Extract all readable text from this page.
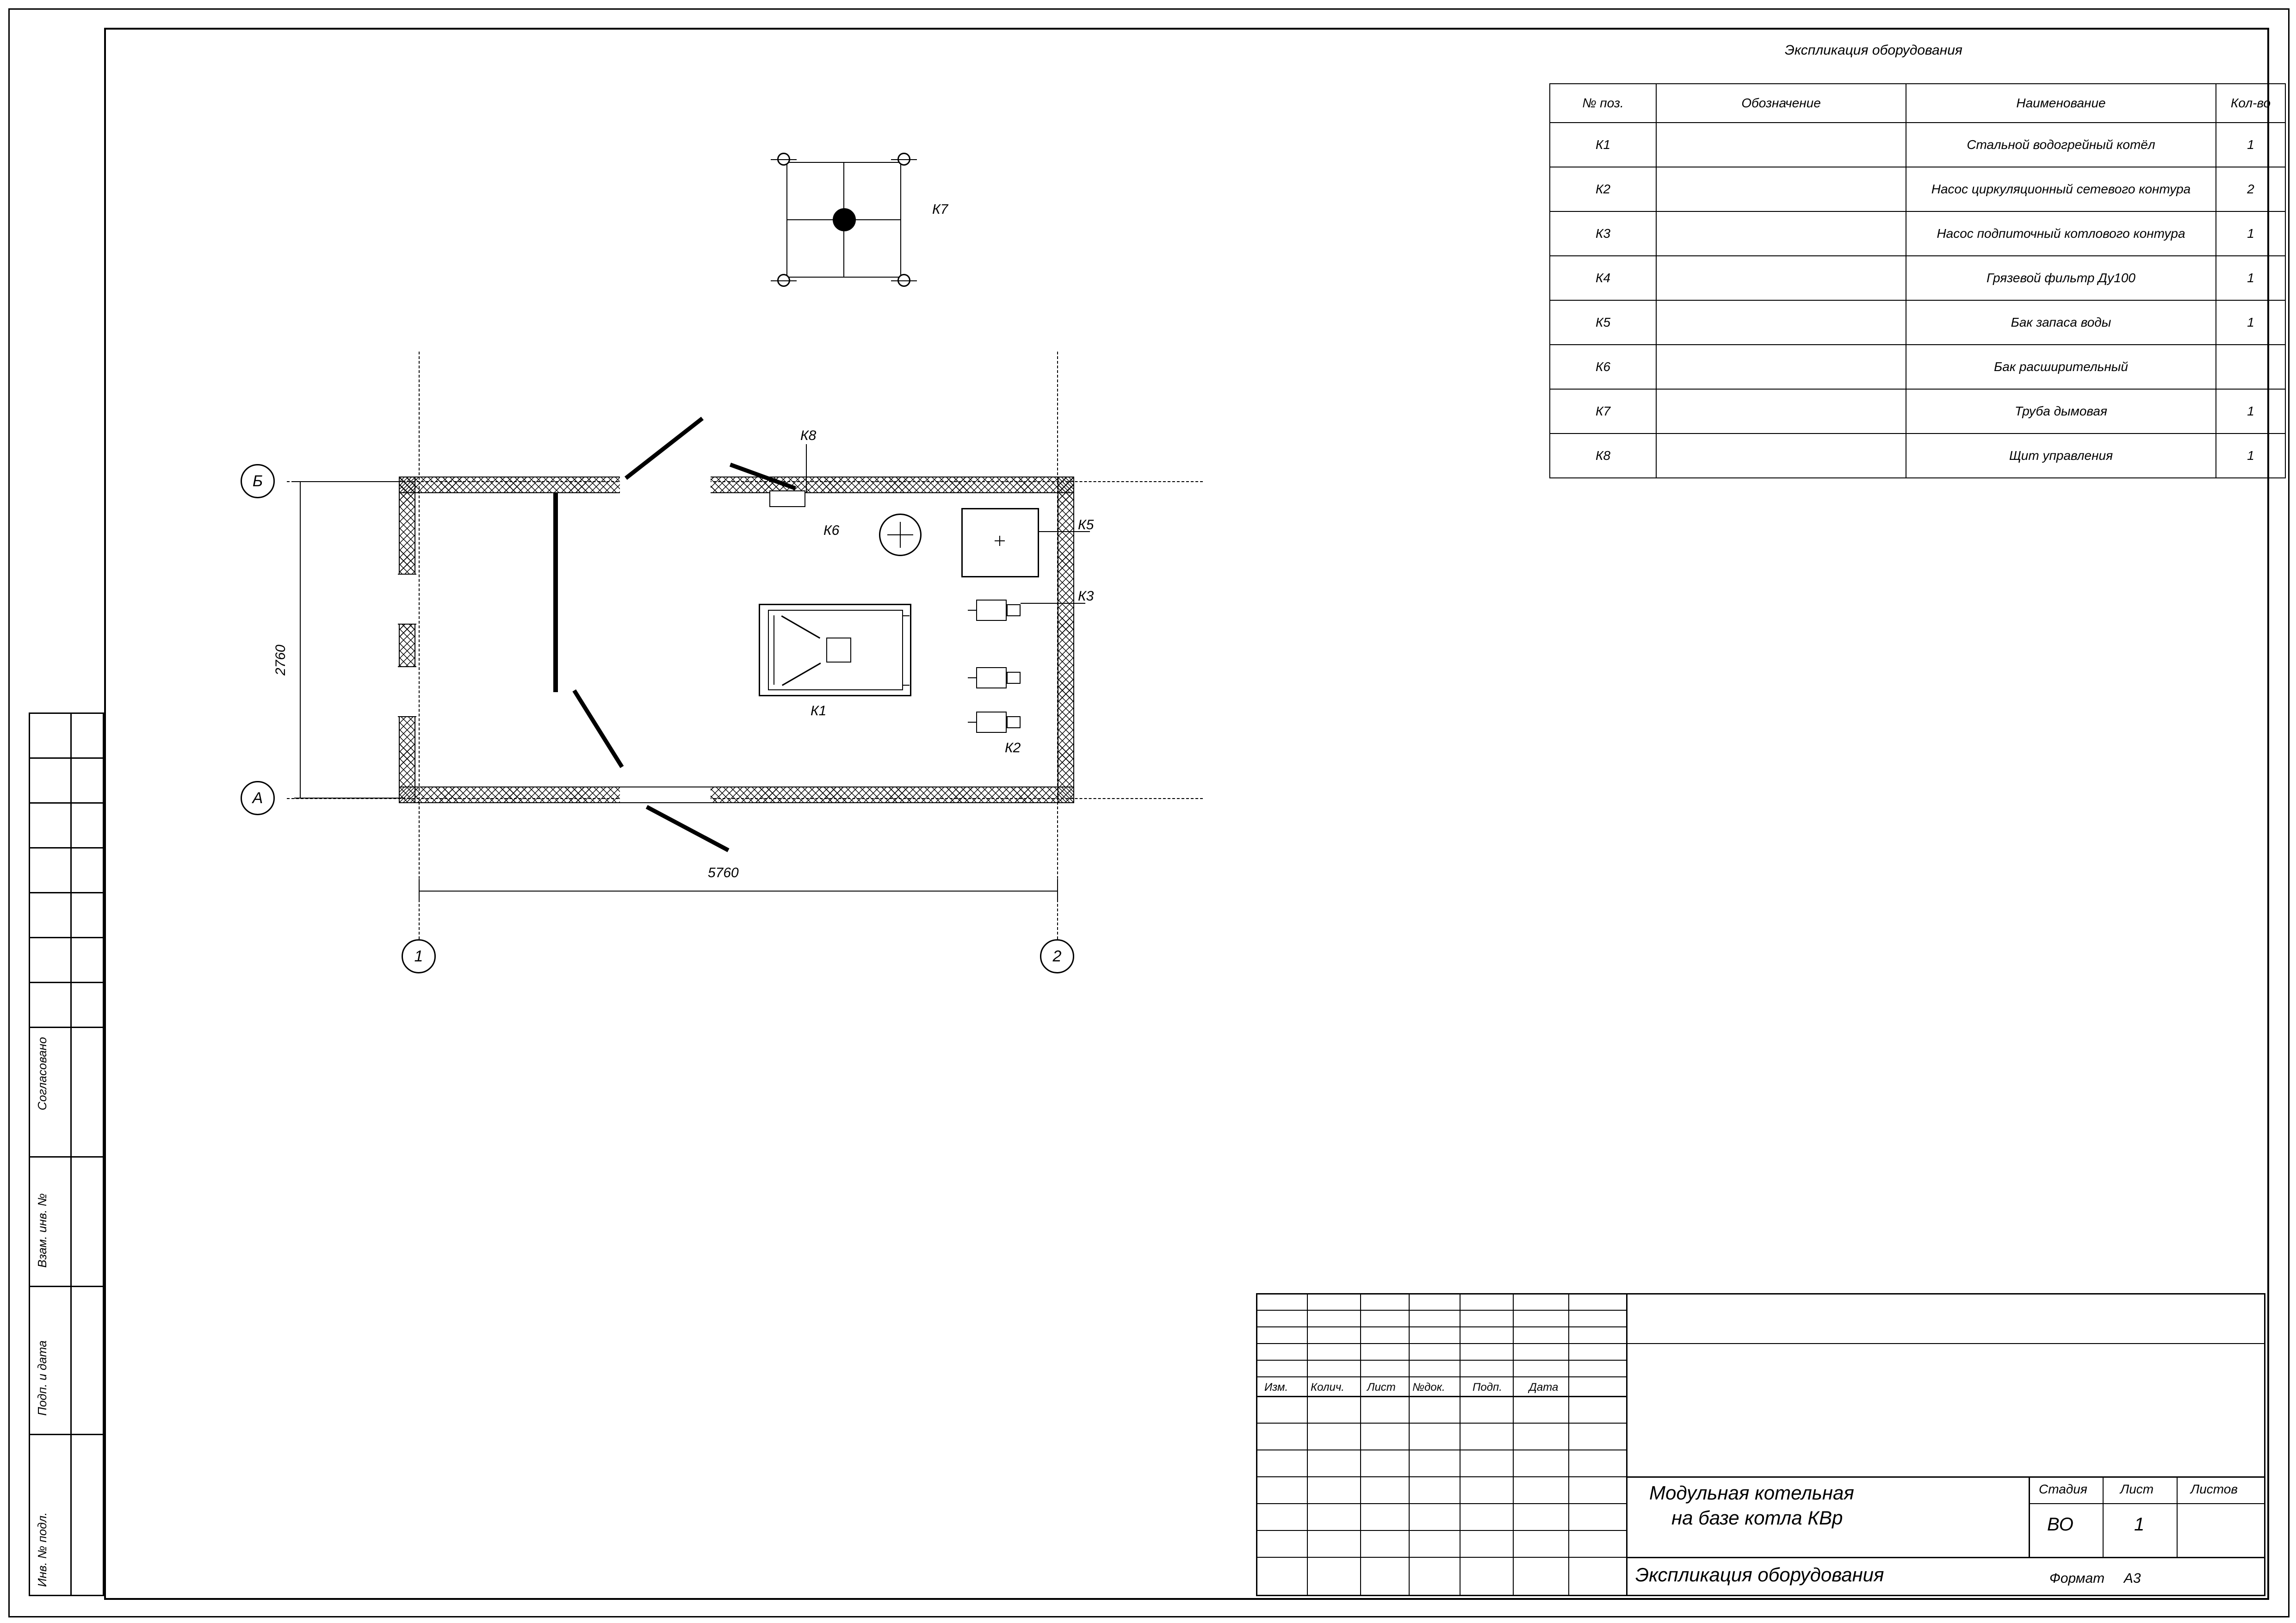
Согласовано
Взам. инв. №
Подп. и дата
Инв. № подл.
Экспликация оборудования
№ поз.	Обозначение	Наименование	Кол-во
К1		Стальной водогрейный котёл	1
К2		Насос циркуляционный сетевого контура	2
К3		Насос подпиточный котлового контура	1
К4		Грязевой фильтр Ду100	1
К5		Бак запаса воды	1
К6		Бак расширительный	
К7		Труба дымовая	1
К8		Щит управления	1
К7
К1
К5
К6
К8
К3
К2
2760
5760
Б
А
1	2
Изм. Колич. Лист №док. Подп. Дата
Модульная котельная
на базе котла КВр
Экспликация оборудования
Стадия	Лист	Листов
ВО	1
Формат А3
